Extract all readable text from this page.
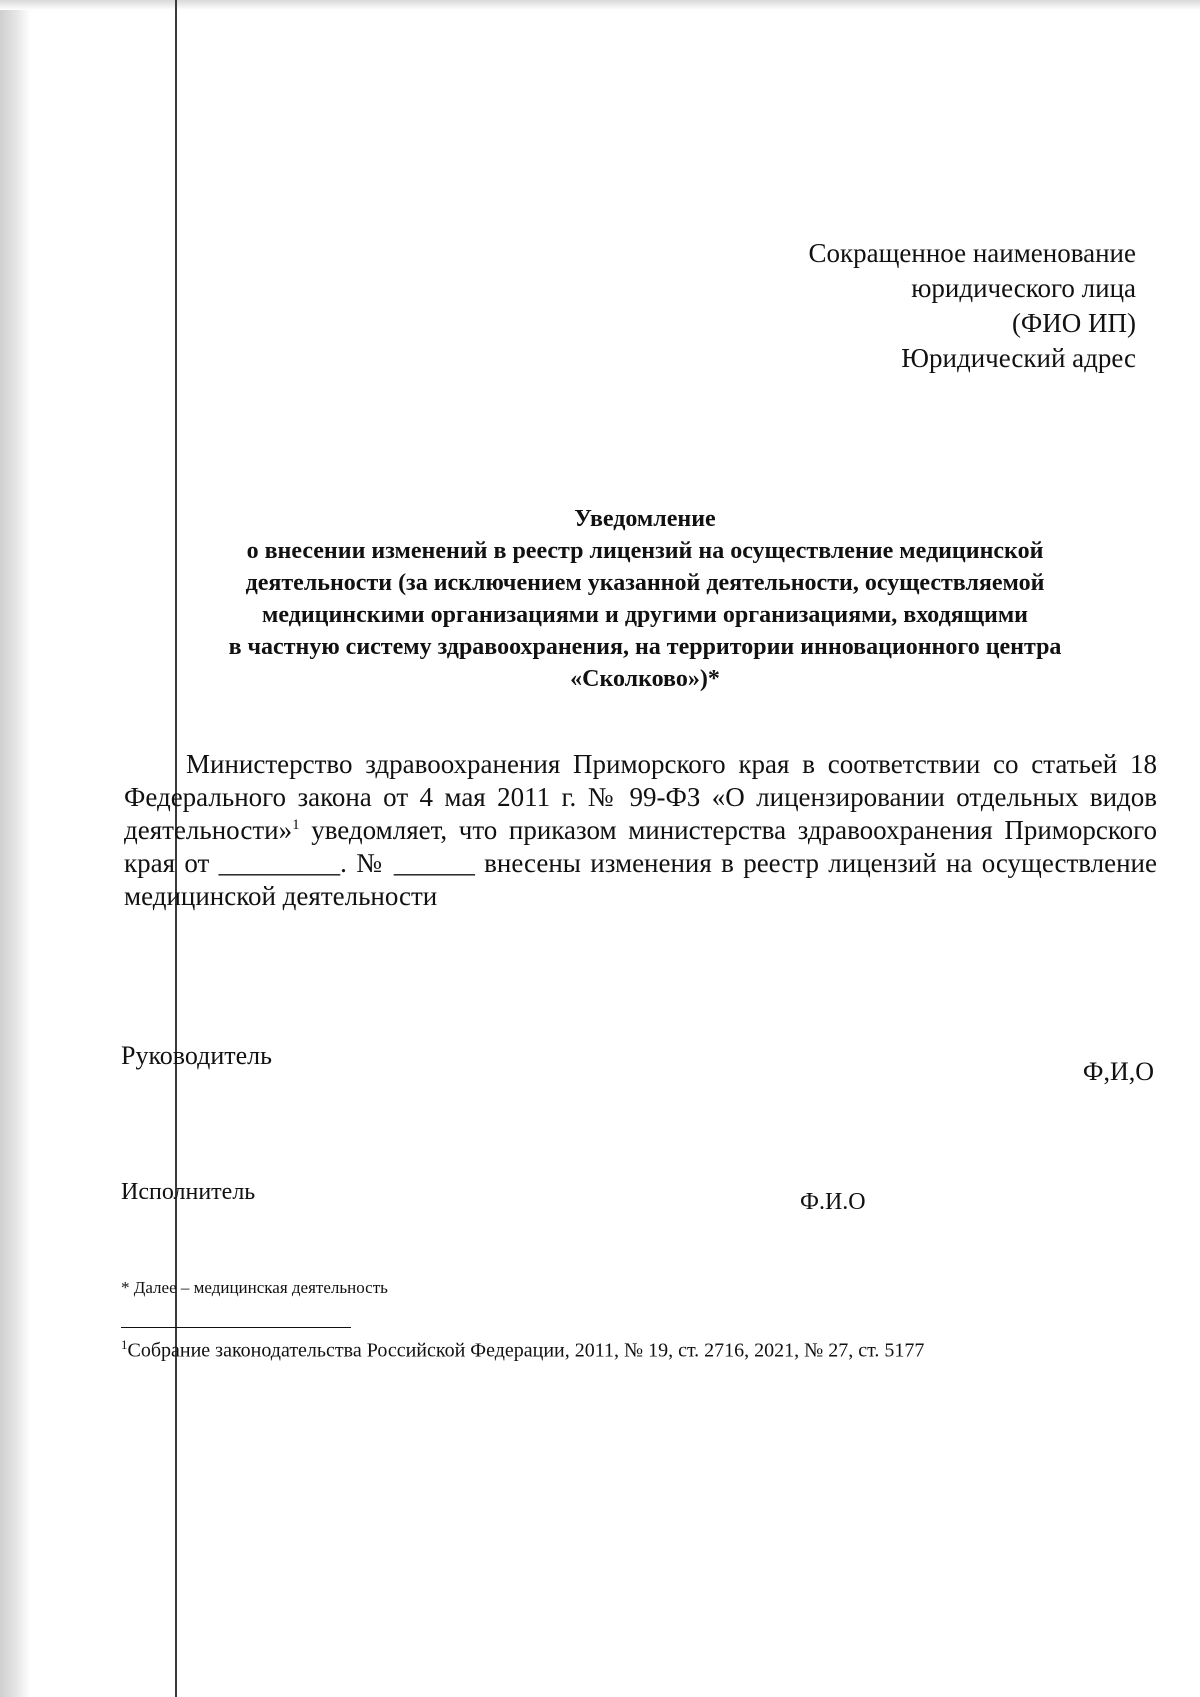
Сокращенное наименование
юридического лица
(ФИО ИП)
Юридический адрес
Уведомление
о внесении изменений в реестр лицензий на осуществление медицинской
деятельности (за исключением указанной деятельности, осуществляемой
медицинскими организациями и другими организациями, входящими
в частную систему здравоохранения, на территории инновационного центра
«Сколково»)*
Министерство здравоохранения Приморского края в соответствии со статьей 18 Федерального закона от 4 мая 2011 г. № 99-ФЗ «О лицензировании отдельных видов деятельности»$^1$ уведомляет, что приказом министерства здравоохранения Приморского края от _________. № ______ внесены изменения в реестр лицензий на осуществление медицинской деятельности
Руководитель
Ф,И,О
Исполнитель	Ф.И.О
* Далее – медицинская деятельность
$^1$Собрание законодательства Российской Федерации, 2011, № 19, ст. 2716, 2021, № 27, ст. 5177
